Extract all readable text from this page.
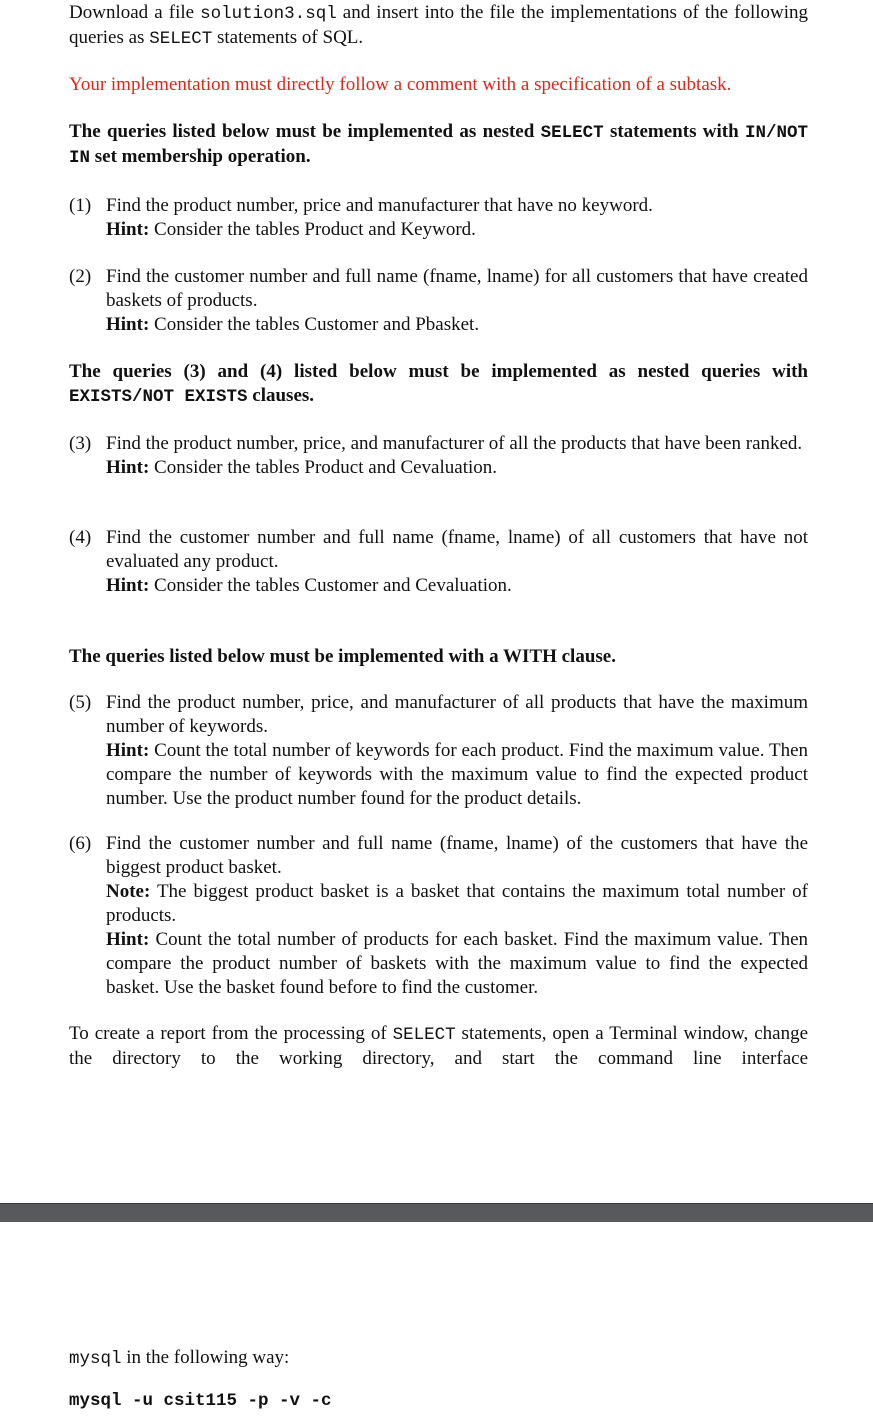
Download a file solution3.sql and insert into the file the implementations of the following queries as SELECT statements of SQL.

Your implementation must directly follow a comment with a specification of a subtask.

The queries listed below must be implemented as nested SELECT statements with IN/NOT IN set membership operation.

(1) Find the product number, price and manufacturer that have no keyword.
Hint: Consider the tables Product and Keyword.
(2) Find the customer number and full name (fname, lname) for all customers that have created baskets of products.
Hint: Consider the tables Customer and Pbasket.

The queries (3) and (4) listed below must be implemented as nested queries with EXISTS/NOT EXISTS clauses.

(3) Find the product number, price, and manufacturer of all the products that have been ranked.
Hint: Consider the tables Product and Cevaluation.
(4) Find the customer number and full name (fname, lname) of all customers that have not evaluated any product.
Hint: Consider the tables Customer and Cevaluation.

The queries listed below must be implemented with a WITH clause.

(5) Find the product number, price, and manufacturer of all products that have the maximum number of keywords.
Hint: Count the total number of keywords for each product. Find the maximum value. Then compare the number of keywords with the maximum value to find the expected product number. Use the product number found for the product details.
(6) Find the customer number and full name (fname, lname) of the customers that have the biggest product basket.
Note: The biggest product basket is a basket that contains the maximum total number of products.
Hint: Count the total number of products for each basket. Find the maximum value. Then compare the product number of baskets with the maximum value to find the expected basket. Use the basket found before to find the customer.

To create a report from the processing of SELECT statements, open a Terminal window, change the directory to the working directory, and start the command line interface

mysql in the following way:

mysql -u csit115 -p -v -c
